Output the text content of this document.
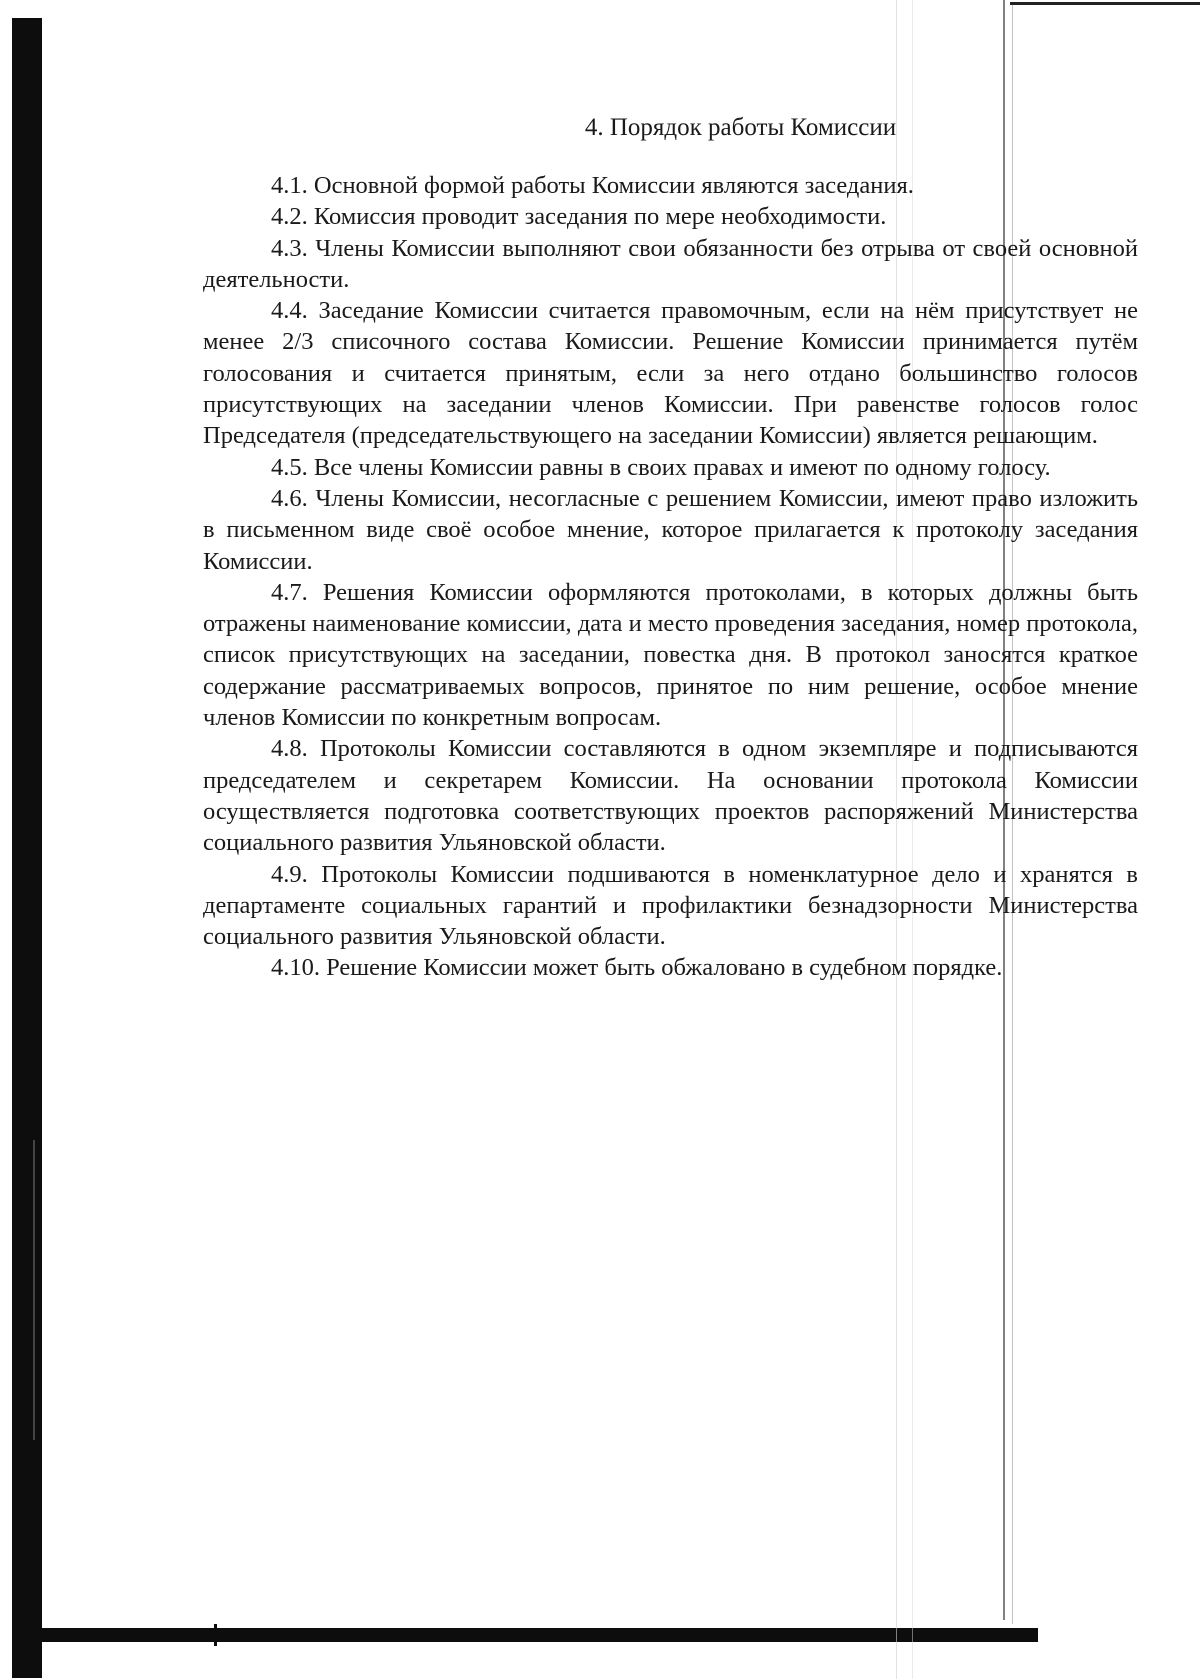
4. Порядок работы Комиссии

4.1. Основной формой работы Комиссии являются заседания.

4.2. Комиссия проводит заседания по мере необходимости.

4.3. Члены Комиссии выполняют свои обязанности без отрыва от своей основной деятельности.

4.4. Заседание Комиссии считается правомочным, если на нём присутствует не менее 2/3 списочного состава Комиссии. Решение Комиссии принимается путём голосования и считается принятым, если за него отдано большинство голосов присутствующих на заседании членов Комиссии. При равенстве голосов голос Председателя (председательствующего на заседании Комиссии) является решающим.

4.5. Все члены Комиссии равны в своих правах и имеют по одному голосу.

4.6. Члены Комиссии, несогласные с решением Комиссии, имеют право изложить в письменном виде своё особое мнение, которое прилагается к протоколу заседания Комиссии.

4.7. Решения Комиссии оформляются протоколами, в которых должны быть отражены наименование комиссии, дата и место проведения заседания, номер протокола, список присутствующих на заседании, повестка дня. В протокол заносятся краткое содержание рассматриваемых вопросов, принятое по ним решение, особое мнение членов Комиссии по конкретным вопросам.

4.8. Протоколы Комиссии составляются в одном экземпляре и подписываются председателем и секретарем Комиссии. На основании протокола Комиссии осуществляется подготовка соответствующих проектов распоряжений Министерства социального развития Ульяновской области.

4.9. Протоколы Комиссии подшиваются в номенклатурное дело и хранятся в департаменте социальных гарантий и профилактики безнадзорности Министерства социального развития Ульяновской области.

4.10. Решение Комиссии может быть обжаловано в судебном порядке.
